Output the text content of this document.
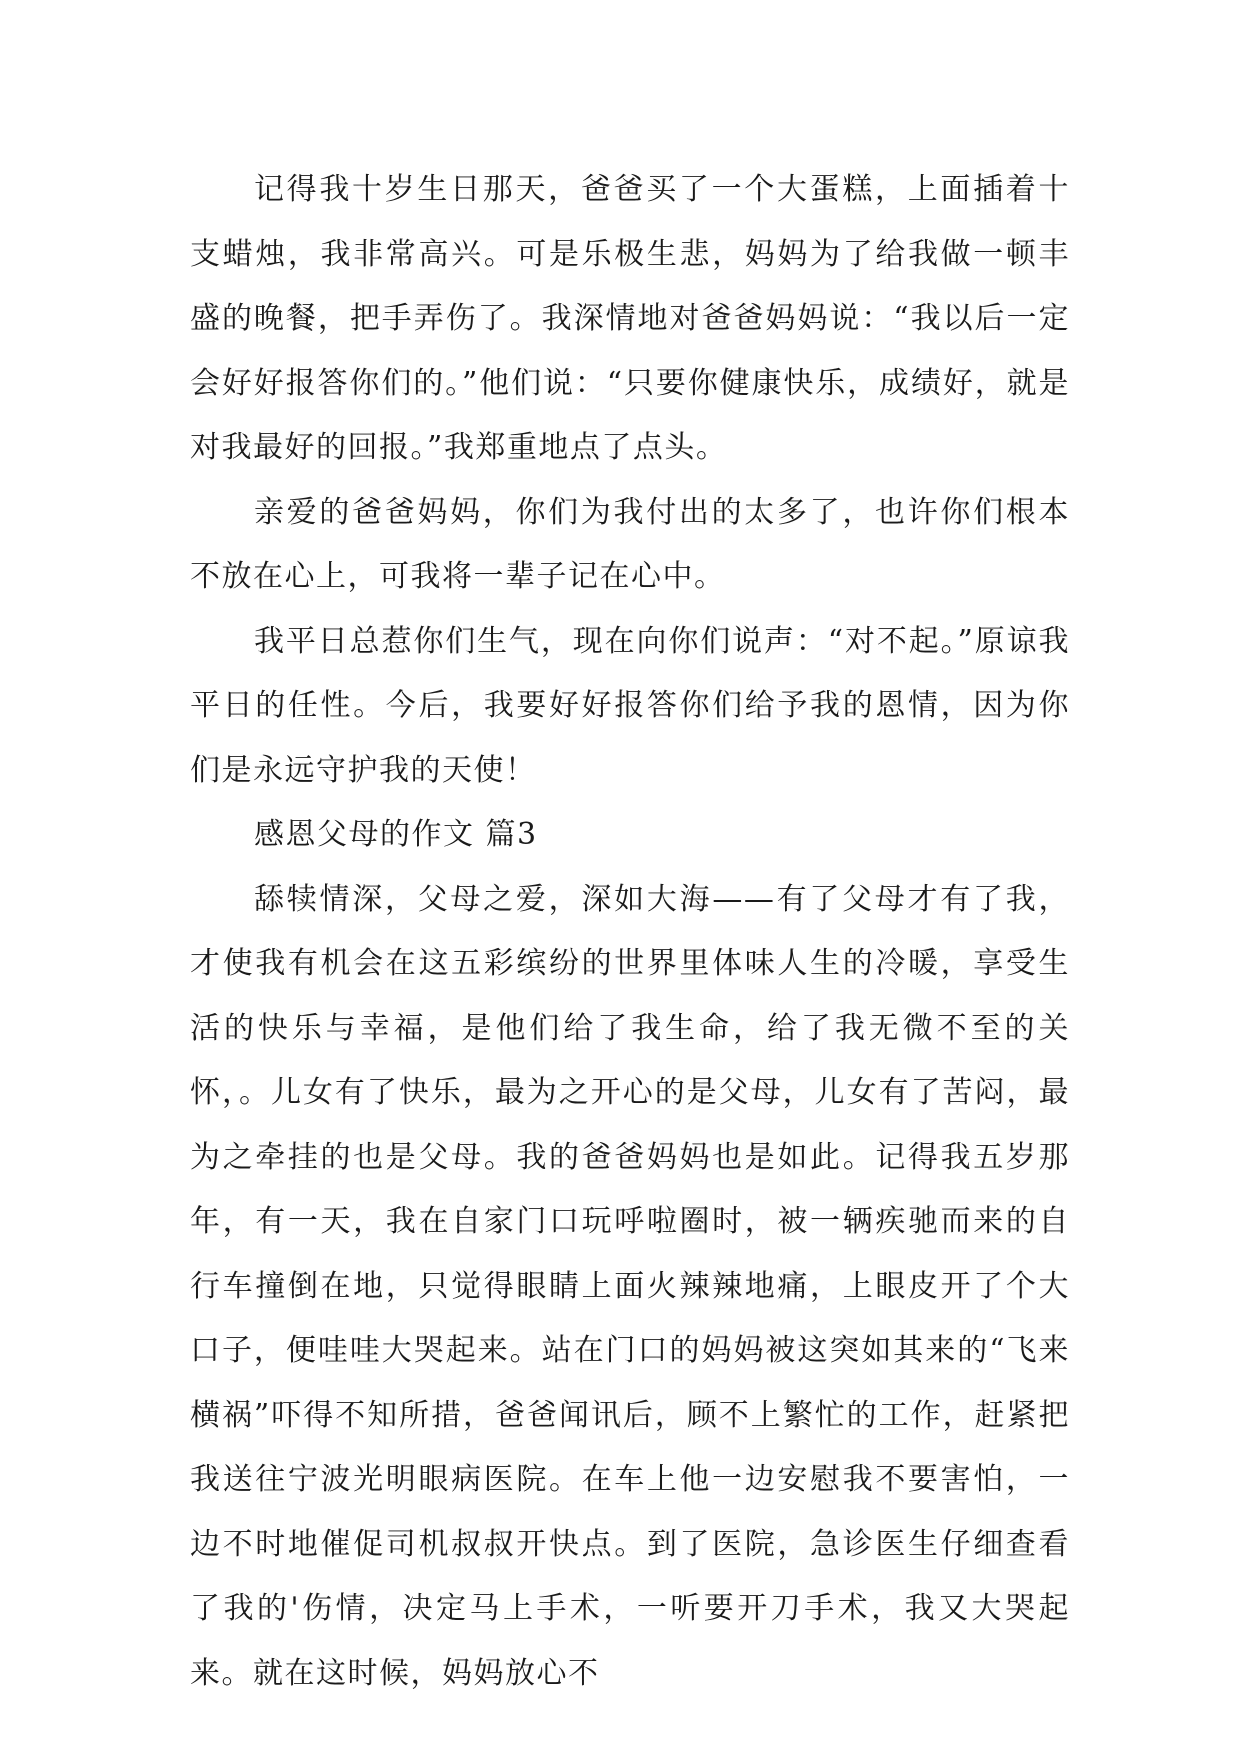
记得我十岁生日那天，爸爸买了一个大蛋糕，上面插着十支蜡烛，我非常高兴。可是乐极生悲，妈妈为了给我做一顿丰盛的晚餐，把手弄伤了。我深情地对爸爸妈妈说：“我以后一定会好好报答你们的。”他们说：“只要你健康快乐，成绩好，就是对我最好的回报。”我郑重地点了点头。

亲爱的爸爸妈妈，你们为我付出的太多了，也许你们根本不放在心上，可我将一辈子记在心中。

我平日总惹你们生气，现在向你们说声：“对不起。”原谅我平日的任性。今后，我要好好报答你们给予我的恩情，因为你们是永远守护我的天使！

感恩父母的作文 篇3

舔犊情深，父母之爱，深如大海——有了父母才有了我，才使我有机会在这五彩缤纷的世界里体味人生的冷暖，享受生活的快乐与幸福，是他们给了我生命，给了我无微不至的关怀，。儿女有了快乐，最为之开心的是父母，儿女有了苦闷，最为之牵挂的也是父母。我的爸爸妈妈也是如此。记得我五岁那年，有一天，我在自家门口玩呼啦圈时，被一辆疾驰而来的自行车撞倒在地，只觉得眼睛上面火辣辣地痛，上眼皮开了个大口子，便哇哇大哭起来。站在门口的妈妈被这突如其来的“飞来横祸”吓得不知所措，爸爸闻讯后，顾不上繁忙的工作，赶紧把我送往宁波光明眼病医院。在车上他一边安慰我不要害怕，一边不时地催促司机叔叔开快点。到了医院，急诊医生仔细查看了我的'伤情，决定马上手术，一听要开刀手术，我又大哭起来。就在这时候，妈妈放心不
